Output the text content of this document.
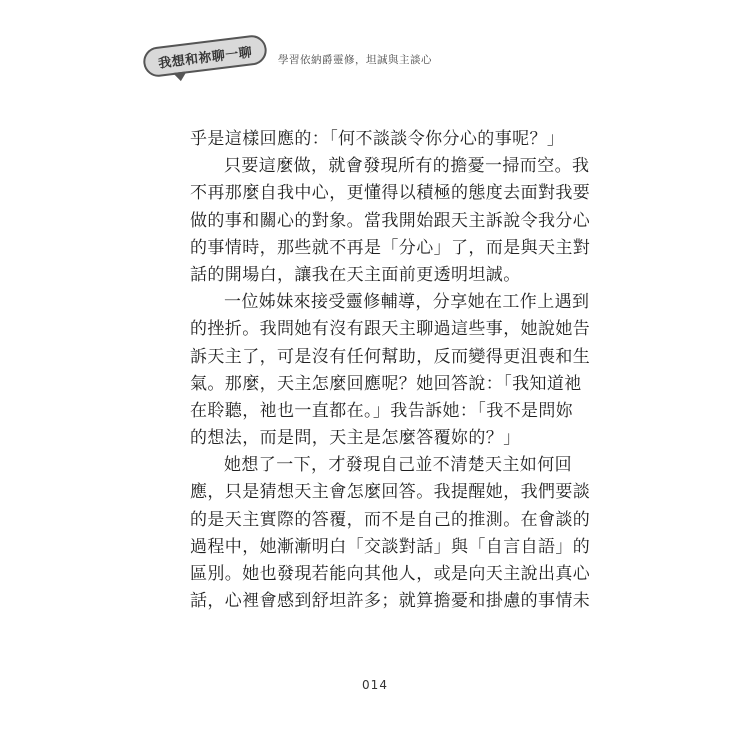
我想和祢聊一聊 學習依納爵靈修，坦誠與主談心
乎是這樣回應的：「何不談談令你分心的事呢？」
只要這麼做，就會發現所有的擔憂一掃而空。我
不再那麼自我中心，更懂得以積極的態度去面對我要
做的事和關心的對象。當我開始跟天主訴說令我分心
的事情時，那些就不再是「分心」了，而是與天主對
話的開場白，讓我在天主面前更透明坦誠。
一位姊妹來接受靈修輔導，分享她在工作上遇到
的挫折。我問她有沒有跟天主聊過這些事，她說她告
訴天主了，可是沒有任何幫助，反而變得更沮喪和生
氣。那麼，天主怎麼回應呢？她回答說：「我知道祂
在聆聽，祂也一直都在。」我告訴她：「我不是問妳
的想法，而是問，天主是怎麼答覆妳的？」
她想了一下，才發現自己並不清楚天主如何回
應，只是猜想天主會怎麼回答。我提醒她，我們要談
的是天主實際的答覆，而不是自己的推測。在會談的
過程中，她漸漸明白「交談對話」與「自言自語」的
區別。她也發現若能向其他人，或是向天主說出真心
話，心裡會感到舒坦許多；就算擔憂和掛慮的事情未
014
